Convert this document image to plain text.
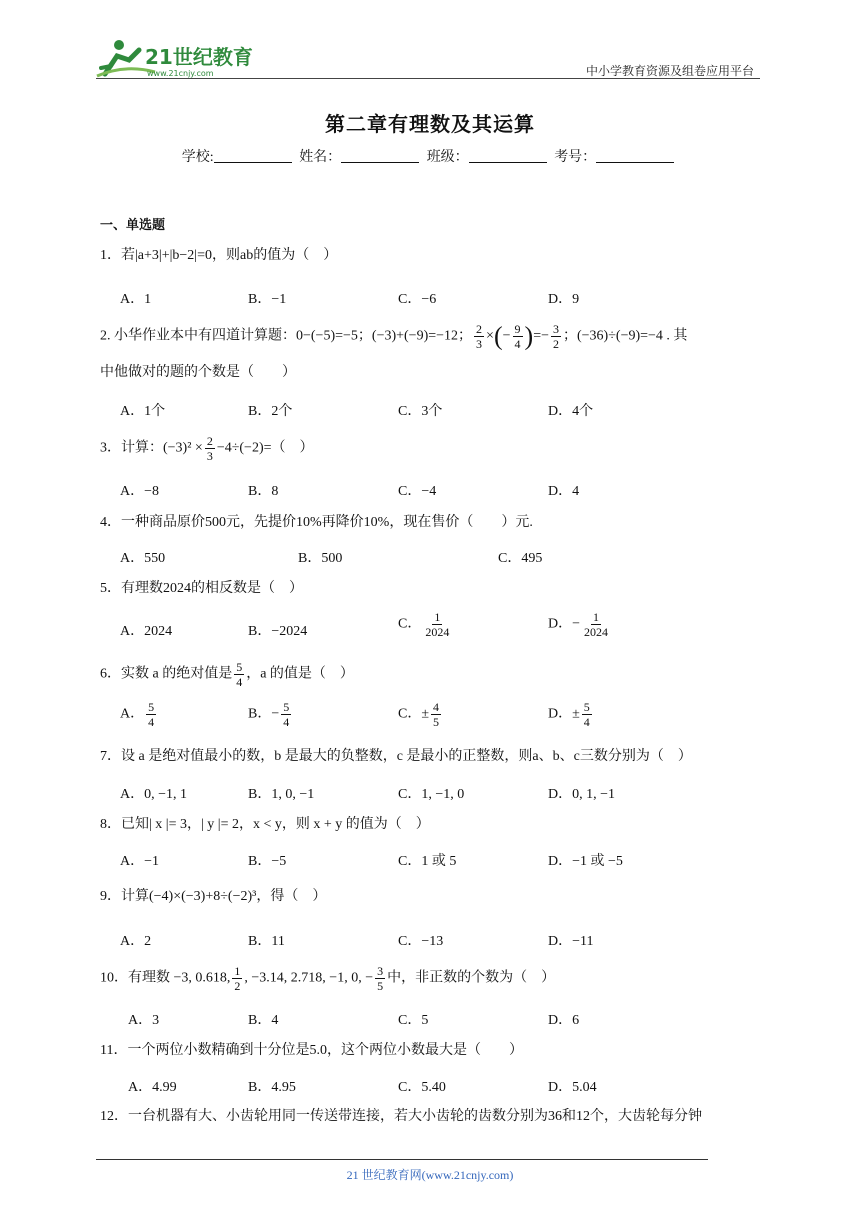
21世纪教育
www.21cnjy.com	中小学教育资源及组卷应用平台
第二章有理数及其运算
学校:	姓名：	班级：	考号：
一、单选题
1．若|a+3|+|b−2|=0，则ab的值为（　）
A．1	B．−1	C．−6	D．9
2. 小华作业本中有四道计算题：0−(−5)=−5；(−3)+(−9)=−12； $\frac{2}{3}$ ×(− $\frac{9}{4}$ )=− $\frac{3}{2}$ ；(−36)÷(−9)=−4 . 其
中他做对的题的个数是（　　）
A．1个	B．2个	C．3个	D．4个
3．计算：$(-3)^2 \times \frac{2}{3} -4\div(-2)=$（　）
A．−8	B．8	C．−4	D．4
4．一种商品原价500元，先提价10%再降价10%，现在售价（　　）元.
A．550	B．500	C．495
5．有理数2024的相反数是（　）
A．2024	B．−2024	C． $\frac{1}{2024}$	D．− $\frac{1}{2024}$
6．实数 a 的绝对值是 $\frac{5}{4}$ ，a 的值是（　）
A． $\frac{5}{4}$	B．− $\frac{5}{4}$	C．± $\frac{4}{5}$	D．± $\frac{5}{4}$
7．设 a 是绝对值最小的数，b 是最大的负整数，c 是最小的正整数，则a、b、c三数分别为（　）
A．0, −1, 1	B．1, 0, −1	C．1, −1, 0	D．0, 1, −1
8．已知| x |= 3，| y |= 2，x < y，则 x + y 的值为（　）
A．−1	B．−5	C．1 或 5	D．−1 或 −5
9．计算(−4)×(−3)+8÷(−2)³，得（　）
A．2	B．11	C．−13	D．−11
10．有理数 −3, 0.618, $\frac{1}{2}$ , −3.14, 2.718, −1, 0, − $\frac{3}{5}$ 中，非正数的个数为（　）
A．3	B．4	C．5	D．6
11．一个两位小数精确到十分位是5.0，这个两位小数最大是（　　）
A．4.99	B．4.95	C．5.40	D．5.04
12．一台机器有大、小齿轮用同一传送带连接，若大小齿轮的齿数分别为36和12个，大齿轮每分钟
21 世纪教育网(www.21cnjy.com)
